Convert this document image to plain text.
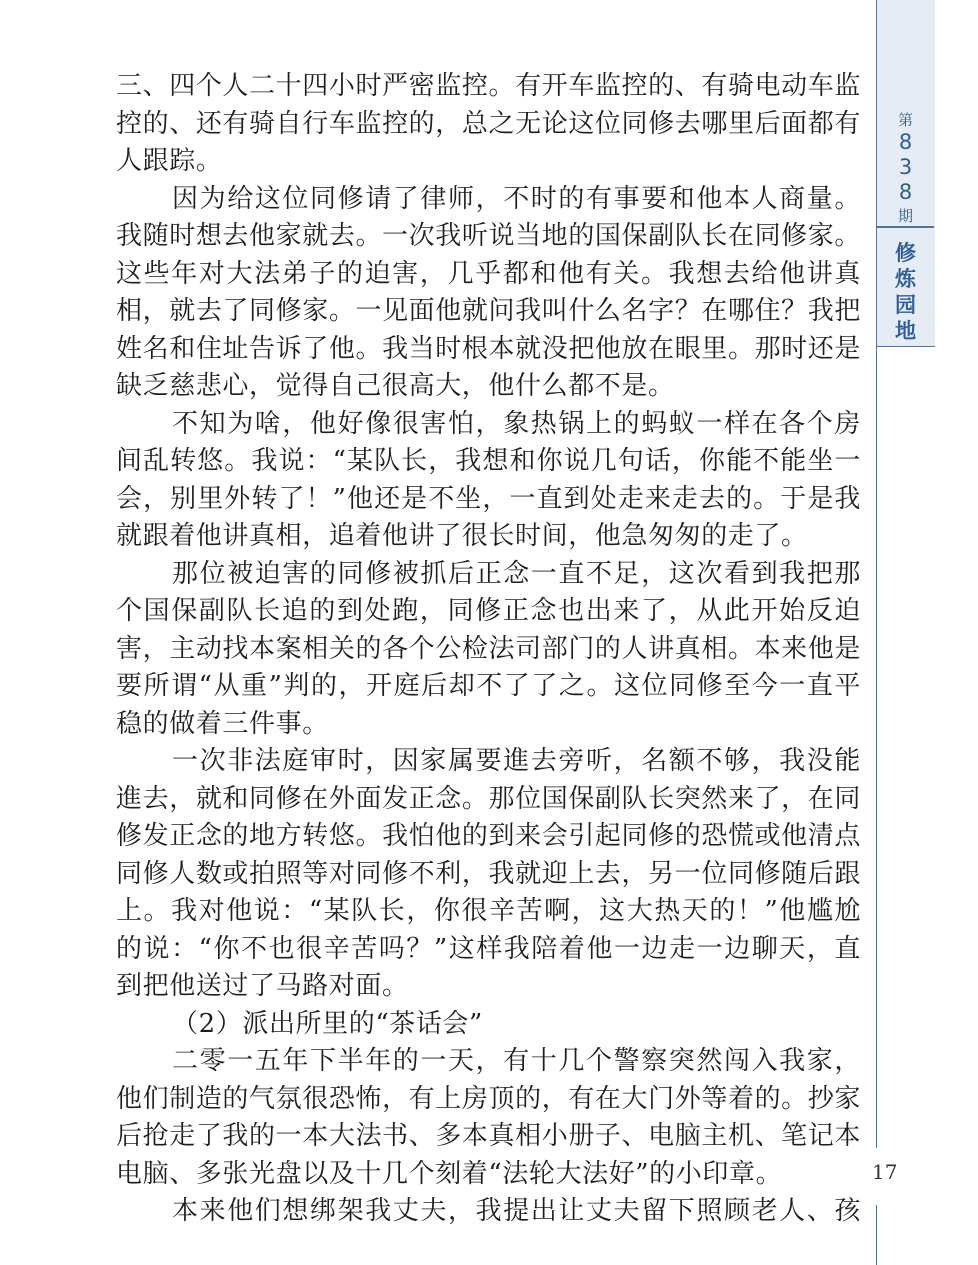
三、四个人二十四小时严密监控。有开车监控的、有骑电动车监控的、还有骑自行车监控的，总之无论这位同修去哪里后面都有人跟踪。

因为给这位同修请了律师，不时的有事要和他本人商量。我随时想去他家就去。一次我听说当地的国保副队长在同修家。这些年对大法弟子的迫害，几乎都和他有关。我想去给他讲真相，就去了同修家。一见面他就问我叫什么名字？在哪住？我把姓名和住址告诉了他。我当时根本就没把他放在眼里。那时还是缺乏慈悲心，觉得自己很高大，他什么都不是。

不知为啥，他好像很害怕，象热锅上的蚂蚁一样在各个房间乱转悠。我说：“某队长，我想和你说几句话，你能不能坐一会，别里外转了！”他还是不坐，一直到处走来走去的。于是我就跟着他讲真相，追着他讲了很长时间，他急匆匆的走了。

那位被迫害的同修被抓后正念一直不足，这次看到我把那个国保副队长追的到处跑，同修正念也出来了，从此开始反迫害，主动找本案相关的各个公检法司部门的人讲真相。本来他是要所谓“从重”判的，开庭后却不了了之。这位同修至今一直平稳的做着三件事。

一次非法庭审时，因家属要進去旁听，名额不够，我没能進去，就和同修在外面发正念。那位国保副队长突然来了，在同修发正念的地方转悠。我怕他的到来会引起同修的恐慌或他清点同修人数或拍照等对同修不利，我就迎上去，另一位同修随后跟上。我对他说：“某队长，你很辛苦啊，这大热天的！”他尴尬的说：“你不也很辛苦吗？”这样我陪着他一边走一边聊天，直到把他送过了马路对面。

（2）派出所里的“茶话会”

二零一五年下半年的一天，有十几个警察突然闯入我家，他们制造的气氛很恐怖，有上房顶的，有在大门外等着的。抄家后抢走了我的一本大法书、多本真相小册子、电脑主机、笔记本电脑、多张光盘以及十几个刻着“法轮大法好”的小印章。

本来他们想绑架我丈夫，我提出让丈夫留下照顾老人、孩

第
8
3
8
期
修
炼
园
地
17
